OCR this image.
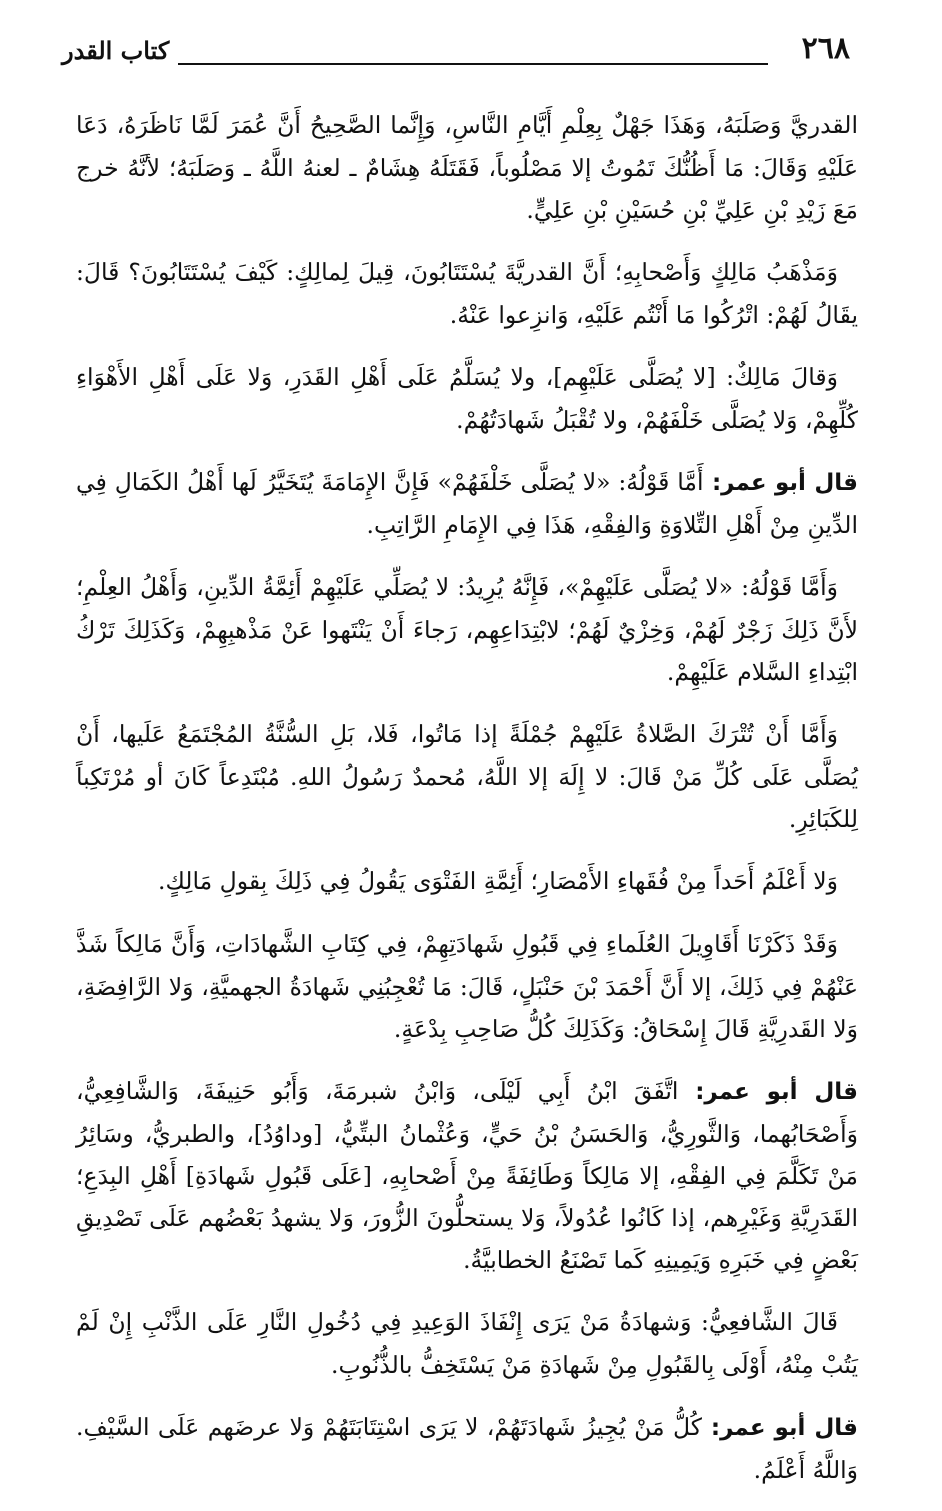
٢٦٨
كتاب القدر

القدريَّ وَصَلَبَهُ، وَهَذَا جَهْلٌ بِعِلْمِ أَيَّامِ النَّاسِ، وَإِنَّما الصَّحِيحُ أَنَّ عُمَرَ لَمَّا نَاظَرَهُ، دَعَا عَلَيْهِ وَقَالَ: مَا أَظُنُّكَ تَمُوتُ إلا مَصْلُوباً، فَقَتَلَهُ هِشَامٌ ـ لعنهُ اللَّهُ ـ وَصَلَبَهُ؛ لأنَّهُ خرج مَعَ زَيْدِ بْنِ عَلِيِّ بْنِ حُسَيْنِ بْنِ عَلِيٍّ.

وَمَذْهَبُ مَالِكٍ وَأَصْحابِهِ؛ أَنَّ القدريَّةَ يُسْتَتَابُونَ، قِيلَ لِمالِكٍ: كَيْفَ يُسْتَتَابُونَ؟ قَالَ: يقَالُ لَهُمْ: اتْرُكُوا مَا أَنْتُم عَلَيْهِ، وَانزِعوا عَنْهُ.

وَقالَ مَالِكٌ: [لا يُصَلَّى عَلَيْهِم]، ولا يُسَلَّمُ عَلَى أَهْلِ القَدَرِ، وَلا عَلَى أَهْلِ الأَهْوَاءِ كُلِّهِمْ، وَلا يُصَلَّى خَلْفَهُمْ، ولا تُقْبَلُ شَهادَتُهُمْ.

قال أبو عمر: أَمَّا قَوْلُهُ: «لا يُصَلَّى خَلْفَهُمْ» فَإِنَّ الإِمَامَةَ يُتَخَيَّرُ لَها أَهْلُ الكَمَالِ فِي الدِّينِ مِنْ أَهْلِ التِّلاوَةِ وَالفِقْهِ، هَذَا فِي الإِمَامِ الرَّاتِبِ.

وَأَمَّا قَوْلُهُ: «لا يُصَلَّى عَلَيْهِمْ»، فَإِنَّهُ يُرِيدُ: لا يُصَلِّي عَلَيْهِمْ أَئِمَّةُ الدِّينِ، وَأَهْلُ العِلْمِ؛ لأَنَّ ذَلِكَ زَجْرٌ لَهُمْ، وَخِزْيٌ لَهُمْ؛ لابْتِدَاعِهِم، رَجاءَ أَنْ يَنْتَهوا عَنْ مَذْهبِهِمْ، وَكَذَلِكَ تَرْكُ ابْتِداءِ السَّلام عَلَيْهِمْ.

وَأَمَّا أَنْ تُتْرَكَ الصَّلاةُ عَلَيْهِمْ جُمْلَةً إذا مَاتُوا، فَلا، بَلِ السُّنَّةُ المُجْتَمَعُ عَلَيها، أَنْ يُصَلَّى عَلَى كُلِّ مَنْ قَالَ: لا إِلَهَ إلا اللَّهُ، مُحمدٌ رَسُولُ اللهِ. مُبْتَدِعاً كَانَ أو مُرْتَكِباً لِلكَبَائِرِ.

وَلا أَعْلَمُ أَحَداً مِنْ فُقَهاءِ الأَمْصَارِ؛ أَئِمَّةِ الفَتْوَى يَقُولُ فِي ذَلِكَ بِقولِ مَالِكٍ.

وَقَدْ ذَكَرْنَا أَقَاوِيلَ العُلَماءِ فِي قَبُولِ شَهادَتِهِمْ، فِي كِتَابِ الشَّهادَاتِ، وَأَنَّ مَالِكاً شَذَّ عَنْهُمْ فِي ذَلِكَ، إلا أَنَّ أَحْمَدَ بْنَ حَنْبَلٍ، قَالَ: مَا تُعْجِبُنِي شَهادَةُ الجهميَّةِ، وَلا الرَّافِضَةِ، وَلا القَدرِيَّةِ قَالَ إِسْحَاقُ: وَكَذَلِكَ كُلُّ صَاحِبِ بِدْعَةٍ.

قال أبو عمر: اتَّفَقَ ابْنُ أَبِي لَيْلَى، وَابْنُ شبرمَةَ، وَأَبُو حَنِيفَةَ، وَالشَّافِعِيُّ، وَأَصْحَابُهما، وَالثَّورِيُّ، وَالحَسَنُ بْنُ حَيٍّ، وَعُثْمانُ البتِّيُّ، [وداوُدُ]، والطبريُّ، وسَائِرُ مَنْ تَكَلَّمَ فِي الفِقْهِ، إلا مَالِكاً وَطَائِفَةً مِنْ أَصْحابِهِ، [عَلَى قَبُولِ شَهادَةِ] أَهْلِ البِدَعِ؛ القَدَرِيَّةِ وَغَيْرِهم، إذا كَانُوا عُدُولاً، وَلا يستحلُّونَ الزُّورَ، وَلا يشهدُ بَعْضُهم عَلَى تَصْدِيقِ بَعْضٍ فِي خَبَرِهِ وَيَمِينِهِ كَما تَصْنَعُ الخطابيَّةُ.

قَالَ الشَّافعِيُّ: وَشهادَةُ مَنْ يَرَى إِنْفَاذَ الوَعِيدِ فِي دُخُولِ النَّارِ عَلَى الذَّنْبِ إِنْ لَمْ يَتُبْ مِنْهُ، أَوْلَى بِالقَبُولِ مِنْ شَهادَةِ مَنْ يَسْتَخِفُّ بالذُّنُوبِ.

قال أبو عمر: كُلُّ مَنْ يُجِيزُ شَهادَتَهُمْ، لا يَرَى اسْتِتَابَتَهُمْ وَلا عرضَهم عَلَى السَّيْفِ. وَاللَّهُ أَعْلَمُ.
